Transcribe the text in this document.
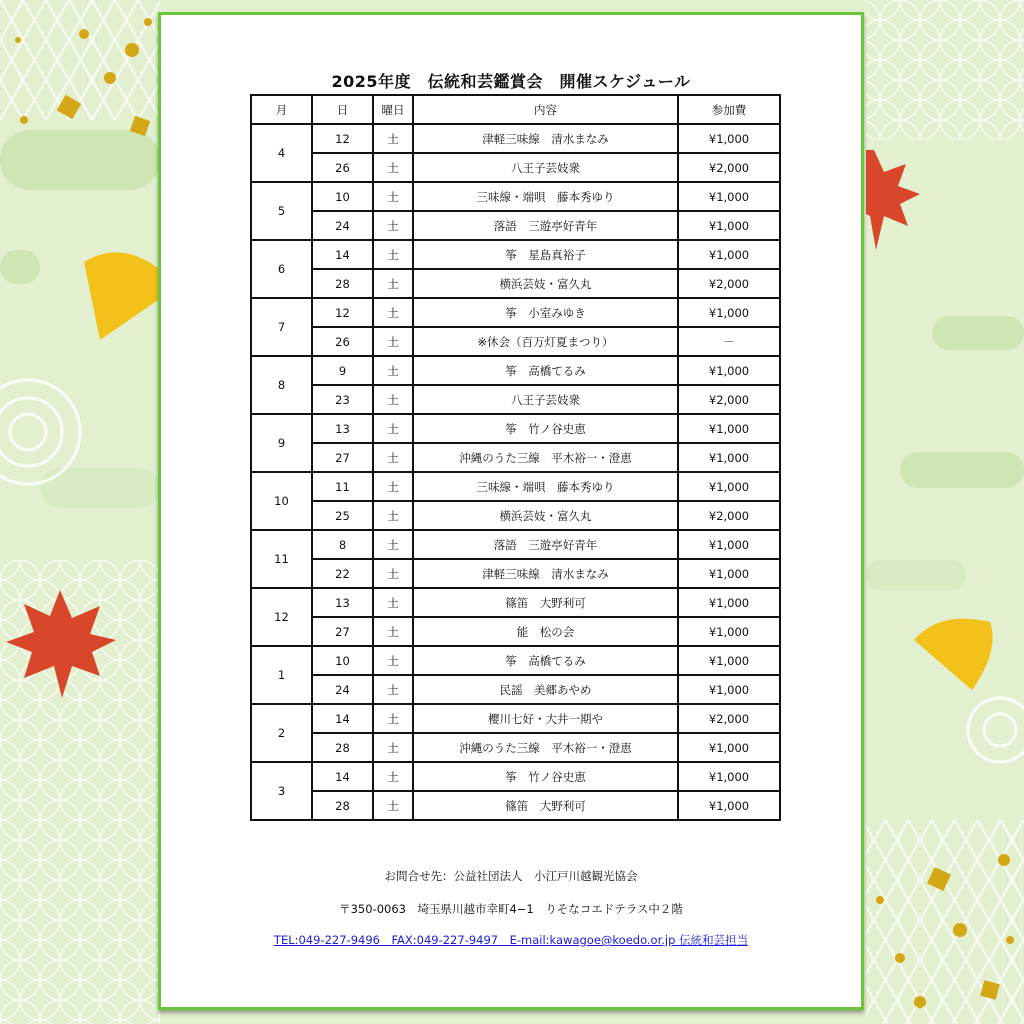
2025年度　伝統和芸鑑賞会　開催スケジュール
月	日	曜日	内容	参加費
4	12	土	津軽三味線　清水まなみ	¥1,000
	26	土	八王子芸妓衆	¥2,000
5	10	土	三味線・端唄　藤本秀ゆり	¥1,000
	24	土	落語　三遊亭好青年	¥1,000
6	14	土	筝　星島真裕子	¥1,000
	28	土	横浜芸妓・富久丸	¥2,000
7	12	土	筝　小室みゆき	¥1,000
	26	土	※休会（百万灯夏まつり）	－
8	9	土	筝　高橋てるみ	¥1,000
	23	土	八王子芸妓衆	¥2,000
9	13	土	筝　竹ノ谷史恵	¥1,000
	27	土	沖縄のうた三線　平木裕一・澄恵	¥1,000
10	11	土	三味線・端唄　藤本秀ゆり	¥1,000
	25	土	横浜芸妓・富久丸	¥2,000
11	8	土	落語　三遊亭好青年	¥1,000
	22	土	津軽三味線　清水まなみ	¥1,000
12	13	土	篠笛　大野利可	¥1,000
	27	土	能　松の会	¥1,000
1	10	土	筝　高橋てるみ	¥1,000
	24	土	民謡　美郷あやめ	¥1,000
2	14	土	櫻川七好・大井一期や	¥2,000
	28	土	沖縄のうた三線　平木裕一・澄恵	¥1,000
3	14	土	筝　竹ノ谷史恵	¥1,000
	28	土	篠笛　大野利可	¥1,000
お問合せ先：公益社団法人　小江戸川越観光協会
〒350-0063　埼玉県川越市幸町4−1　りそなコエドテラス中２階
TEL:049-227-9496　FAX:049-227-9497　E-mail:kawagoe@koedo.or.jp 伝統和芸担当
